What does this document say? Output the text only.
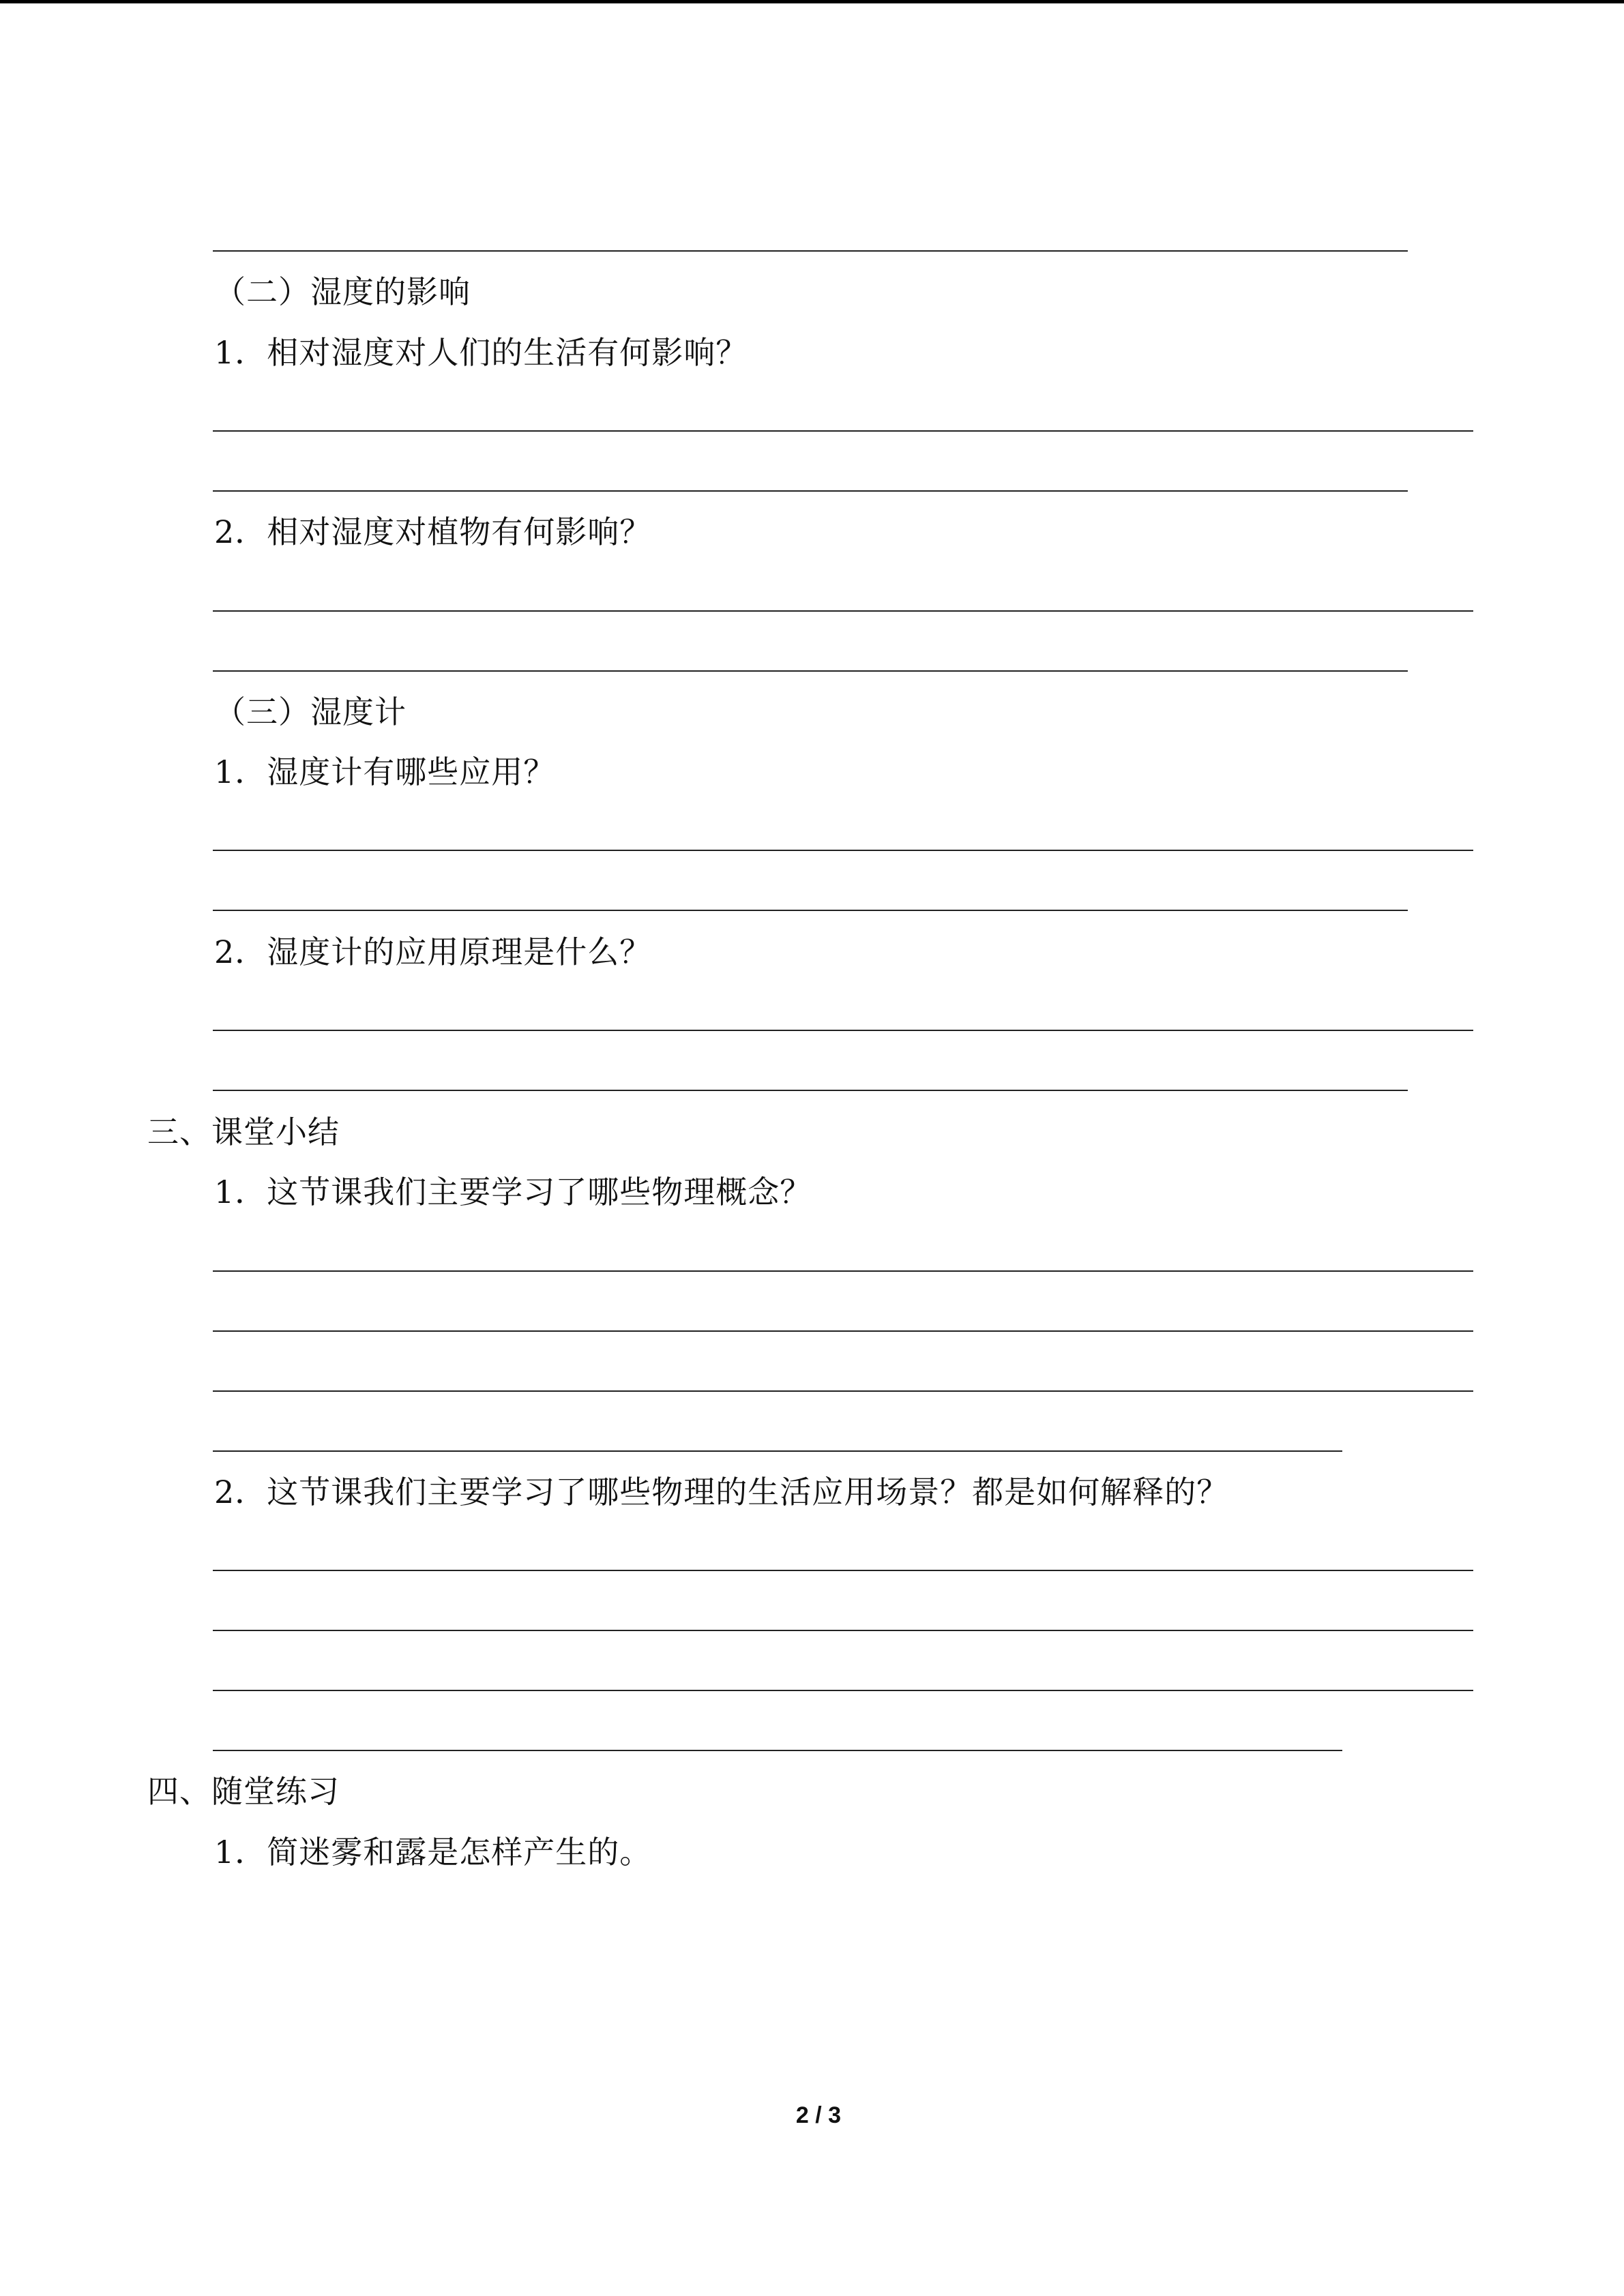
（二）湿度的影响
1．相对湿度对人们的生活有何影响？
2．相对湿度对植物有何影响？
（三）湿度计
1．湿度计有哪些应用？
2．湿度计的应用原理是什么？
三、课堂小结
1．这节课我们主要学习了哪些物理概念？
2．这节课我们主要学习了哪些物理的生活应用场景？都是如何解释的？
四、随堂练习
1．简迷雾和露是怎样产生的。
2 / 3
